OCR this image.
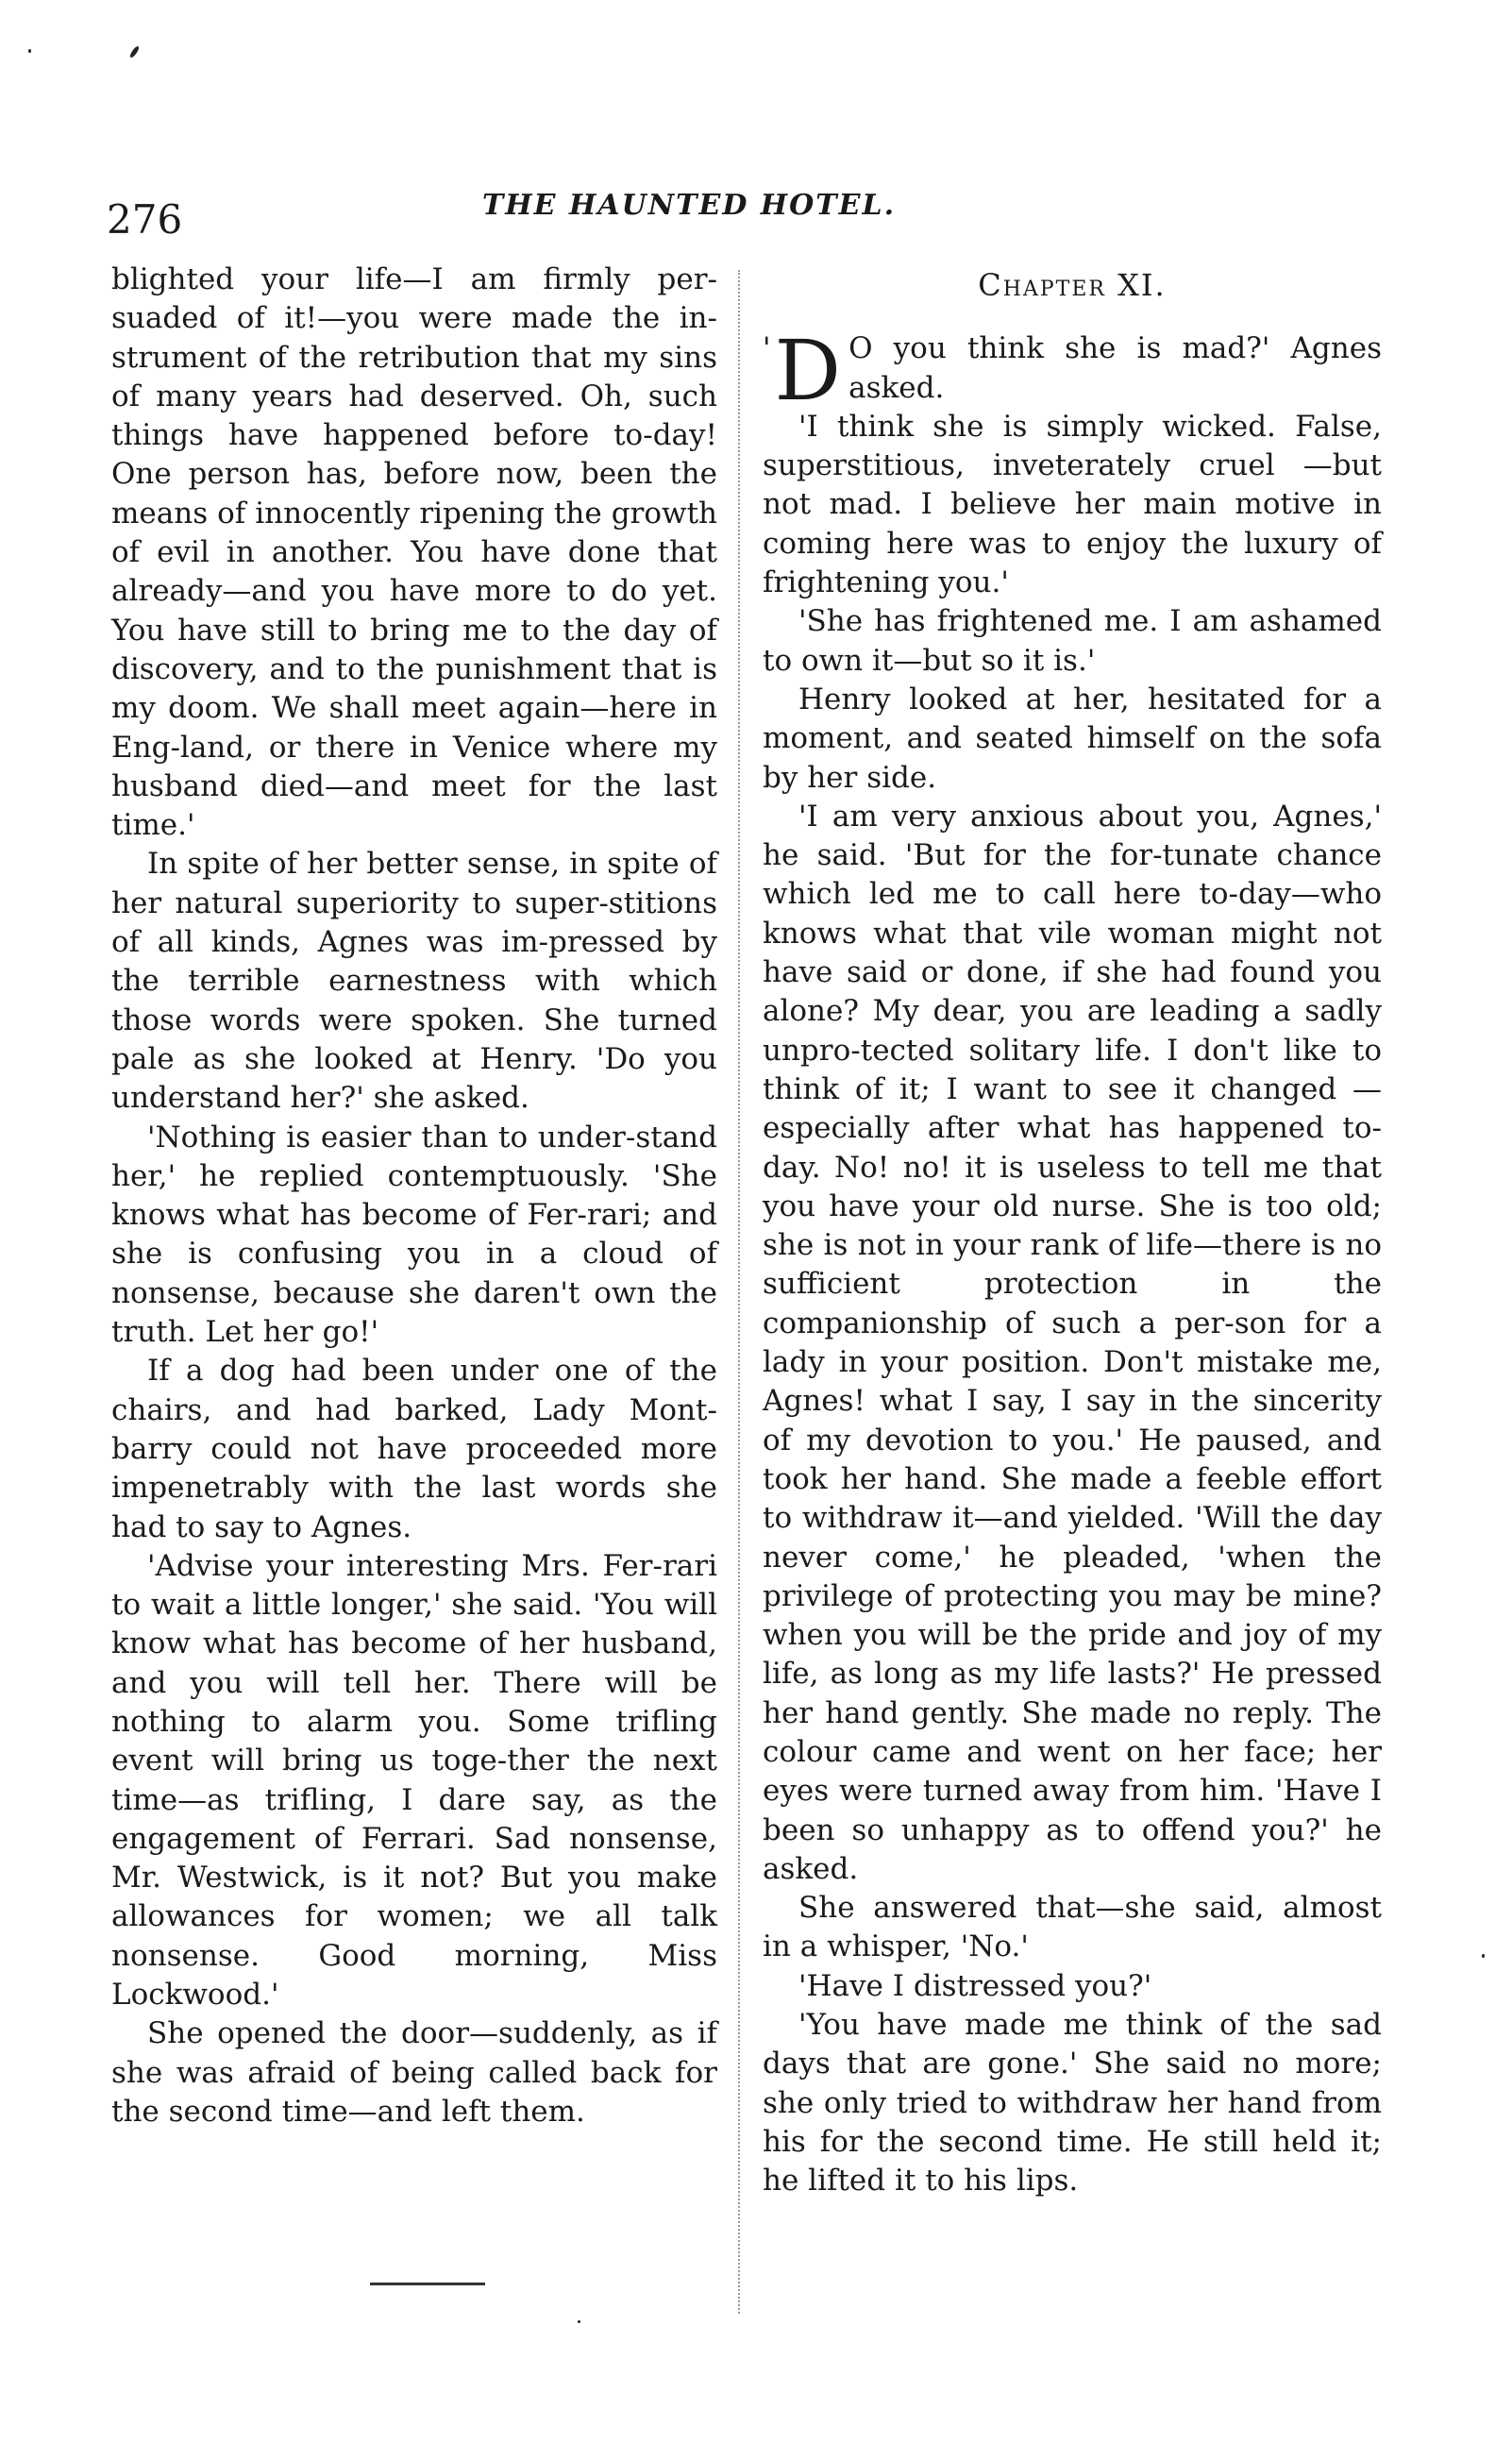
276	THE HAUNTED HOTEL.

blighted your life—I am firmly per-suaded of it!—you were made the in-strument of the retribution that my sins of many years had deserved. Oh, such things have happened before to-day! One person has, before now, been the means of innocently ripening the growth of evil in another. You have done that already—and you have more to do yet. You have still to bring me to the day of discovery, and to the punishment that is my doom. We shall meet again—here in Eng-land, or there in Venice where my husband died—and meet for the last time.'

In spite of her better sense, in spite of her natural superiority to super-stitions of all kinds, Agnes was im-pressed by the terrible earnestness with which those words were spoken. She turned pale as she looked at Henry. 'Do you understand her?' she asked.

'Nothing is easier than to under-stand her,' he replied contemptuously. 'She knows what has become of Fer-rari; and she is confusing you in a cloud of nonsense, because she daren't own the truth. Let her go!'

If a dog had been under one of the chairs, and had barked, Lady Mont-barry could not have proceeded more impenetrably with the last words she had to say to Agnes.

'Advise your interesting Mrs. Fer-rari to wait a little longer,' she said. 'You will know what has become of her husband, and you will tell her. There will be nothing to alarm you. Some trifling event will bring us toge-ther the next time—as trifling, I dare say, as the engagement of Ferrari. Sad nonsense, Mr. Westwick, is it not? But you make allowances for women; we all talk nonsense. Good morning, Miss Lockwood.'

She opened the door—suddenly, as if she was afraid of being called back for the second time—and left them.

Chapter XI.

' D O you think she is mad?' Agnes asked.

'I think she is simply wicked. False, superstitious, inveterately cruel —but not mad. I believe her main motive in coming here was to enjoy the luxury of frightening you.'

'She has frightened me. I am ashamed to own it—but so it is.'

Henry looked at her, hesitated for a moment, and seated himself on the sofa by her side.

'I am very anxious about you, Agnes,' he said. 'But for the for-tunate chance which led me to call here to-day—who knows what that vile woman might not have said or done, if she had found you alone? My dear, you are leading a sadly unpro-tected solitary life. I don't like to think of it; I want to see it changed —especially after what has happened to-day. No! no! it is useless to tell me that you have your old nurse. She is too old; she is not in your rank of life—there is no sufficient protection in the companionship of such a per-son for a lady in your position. Don't mistake me, Agnes! what I say, I say in the sincerity of my devotion to you.' He paused, and took her hand. She made a feeble effort to withdraw it—and yielded. 'Will the day never come,' he pleaded, 'when the privilege of protecting you may be mine? when you will be the pride and joy of my life, as long as my life lasts?' He pressed her hand gently. She made no reply. The colour came and went on her face; her eyes were turned away from him. 'Have I been so unhappy as to offend you?' he asked.

She answered that—she said, almost in a whisper, 'No.'

'Have I distressed you?'

'You have made me think of the sad days that are gone.' She said no more; she only tried to withdraw her hand from his for the second time. He still held it; he lifted it to his lips.
